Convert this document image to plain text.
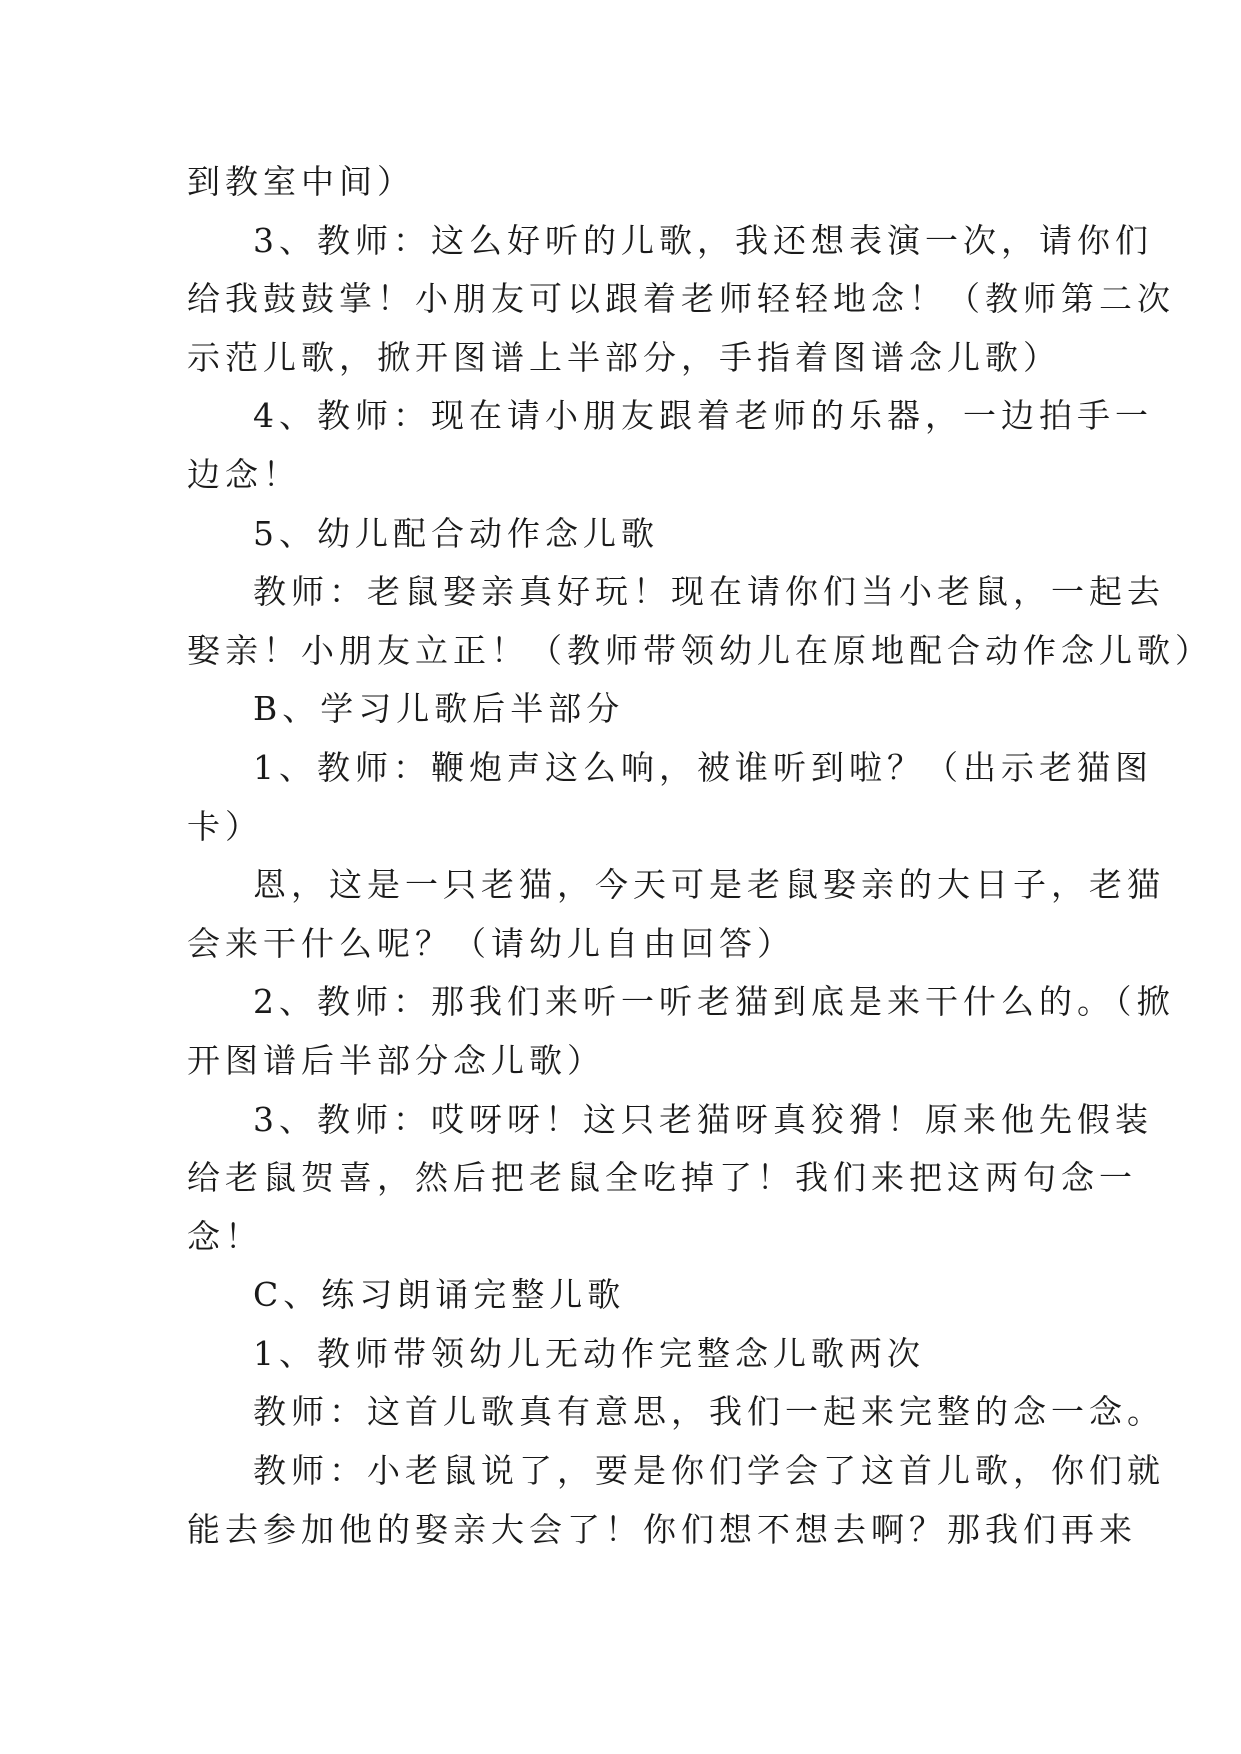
到教室中间）
3、教师：这么好听的儿歌，我还想表演一次，请你们
给我鼓鼓掌！小朋友可以跟着老师轻轻地念！（教师第二次
示范儿歌，掀开图谱上半部分，手指着图谱念儿歌）
4、教师：现在请小朋友跟着老师的乐器，一边拍手一
边念！
5、幼儿配合动作念儿歌
教师：老鼠娶亲真好玩！现在请你们当小老鼠，一起去
娶亲！小朋友立正！（教师带领幼儿在原地配合动作念儿歌）
B、学习儿歌后半部分
1、教师：鞭炮声这么响，被谁听到啦？（出示老猫图
卡）
恩，这是一只老猫，今天可是老鼠娶亲的大日子，老猫
会来干什么呢？（请幼儿自由回答）
2、教师：那我们来听一听老猫到底是来干什么的。（掀
开图谱后半部分念儿歌）
3、教师：哎呀呀！这只老猫呀真狡猾！原来他先假装
给老鼠贺喜，然后把老鼠全吃掉了！我们来把这两句念一
念！
C、练习朗诵完整儿歌
1、教师带领幼儿无动作完整念儿歌两次
教师：这首儿歌真有意思，我们一起来完整的念一念。
教师：小老鼠说了，要是你们学会了这首儿歌，你们就
能去参加他的娶亲大会了！你们想不想去啊？那我们再来
